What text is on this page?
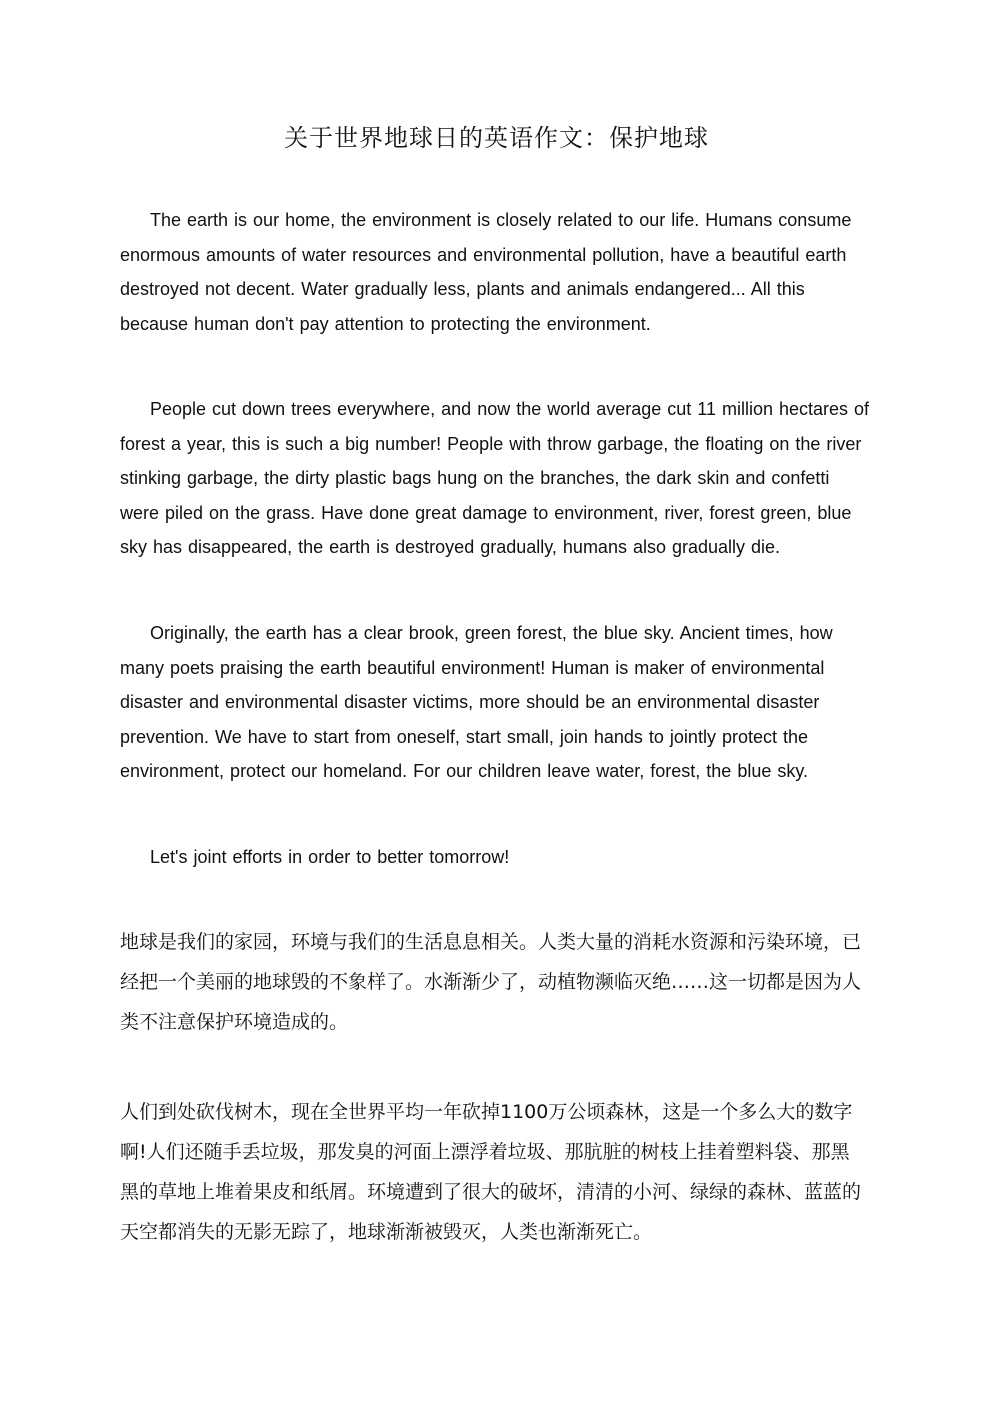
关于世界地球日的英语作文：保护地球

The earth is our home, the environment is closely related to our life. Humans consume enormous amounts of water resources and environmental pollution, have a beautiful earth destroyed not decent. Water gradually less, plants and animals endangered... All this because human don't pay attention to protecting the environment.

People cut down trees everywhere, and now the world average cut 11 million hectares of forest a year, this is such a big number! People with throw garbage, the floating on the river stinking garbage, the dirty plastic bags hung on the branches, the dark skin and confetti were piled on the grass. Have done great damage to environment, river, forest green, blue sky has disappeared, the earth is destroyed gradually, humans also gradually die.

Originally, the earth has a clear brook, green forest, the blue sky. Ancient times, how many poets praising the earth beautiful environment! Human is maker of environmental disaster and environmental disaster victims, more should be an environmental disaster prevention. We have to start from oneself, start small, join hands to jointly protect the environment, protect our homeland. For our children leave water, forest, the blue sky.

Let's joint efforts in order to better tomorrow!

地球是我们的家园，环境与我们的生活息息相关。人类大量的消耗水资源和污染环境，已经把一个美丽的地球毁的不象样了。水渐渐少了，动植物濒临灭绝……这一切都是因为人类不注意保护环境造成的。

人们到处砍伐树木，现在全世界平均一年砍掉1100万公顷森林，这是一个多么大的数字啊!人们还随手丢垃圾，那发臭的河面上漂浮着垃圾、那肮脏的树枝上挂着塑料袋、那黑黑的草地上堆着果皮和纸屑。环境遭到了很大的破坏，清清的小河、绿绿的森林、蓝蓝的天空都消失的无影无踪了，地球渐渐被毁灭，人类也渐渐死亡。
